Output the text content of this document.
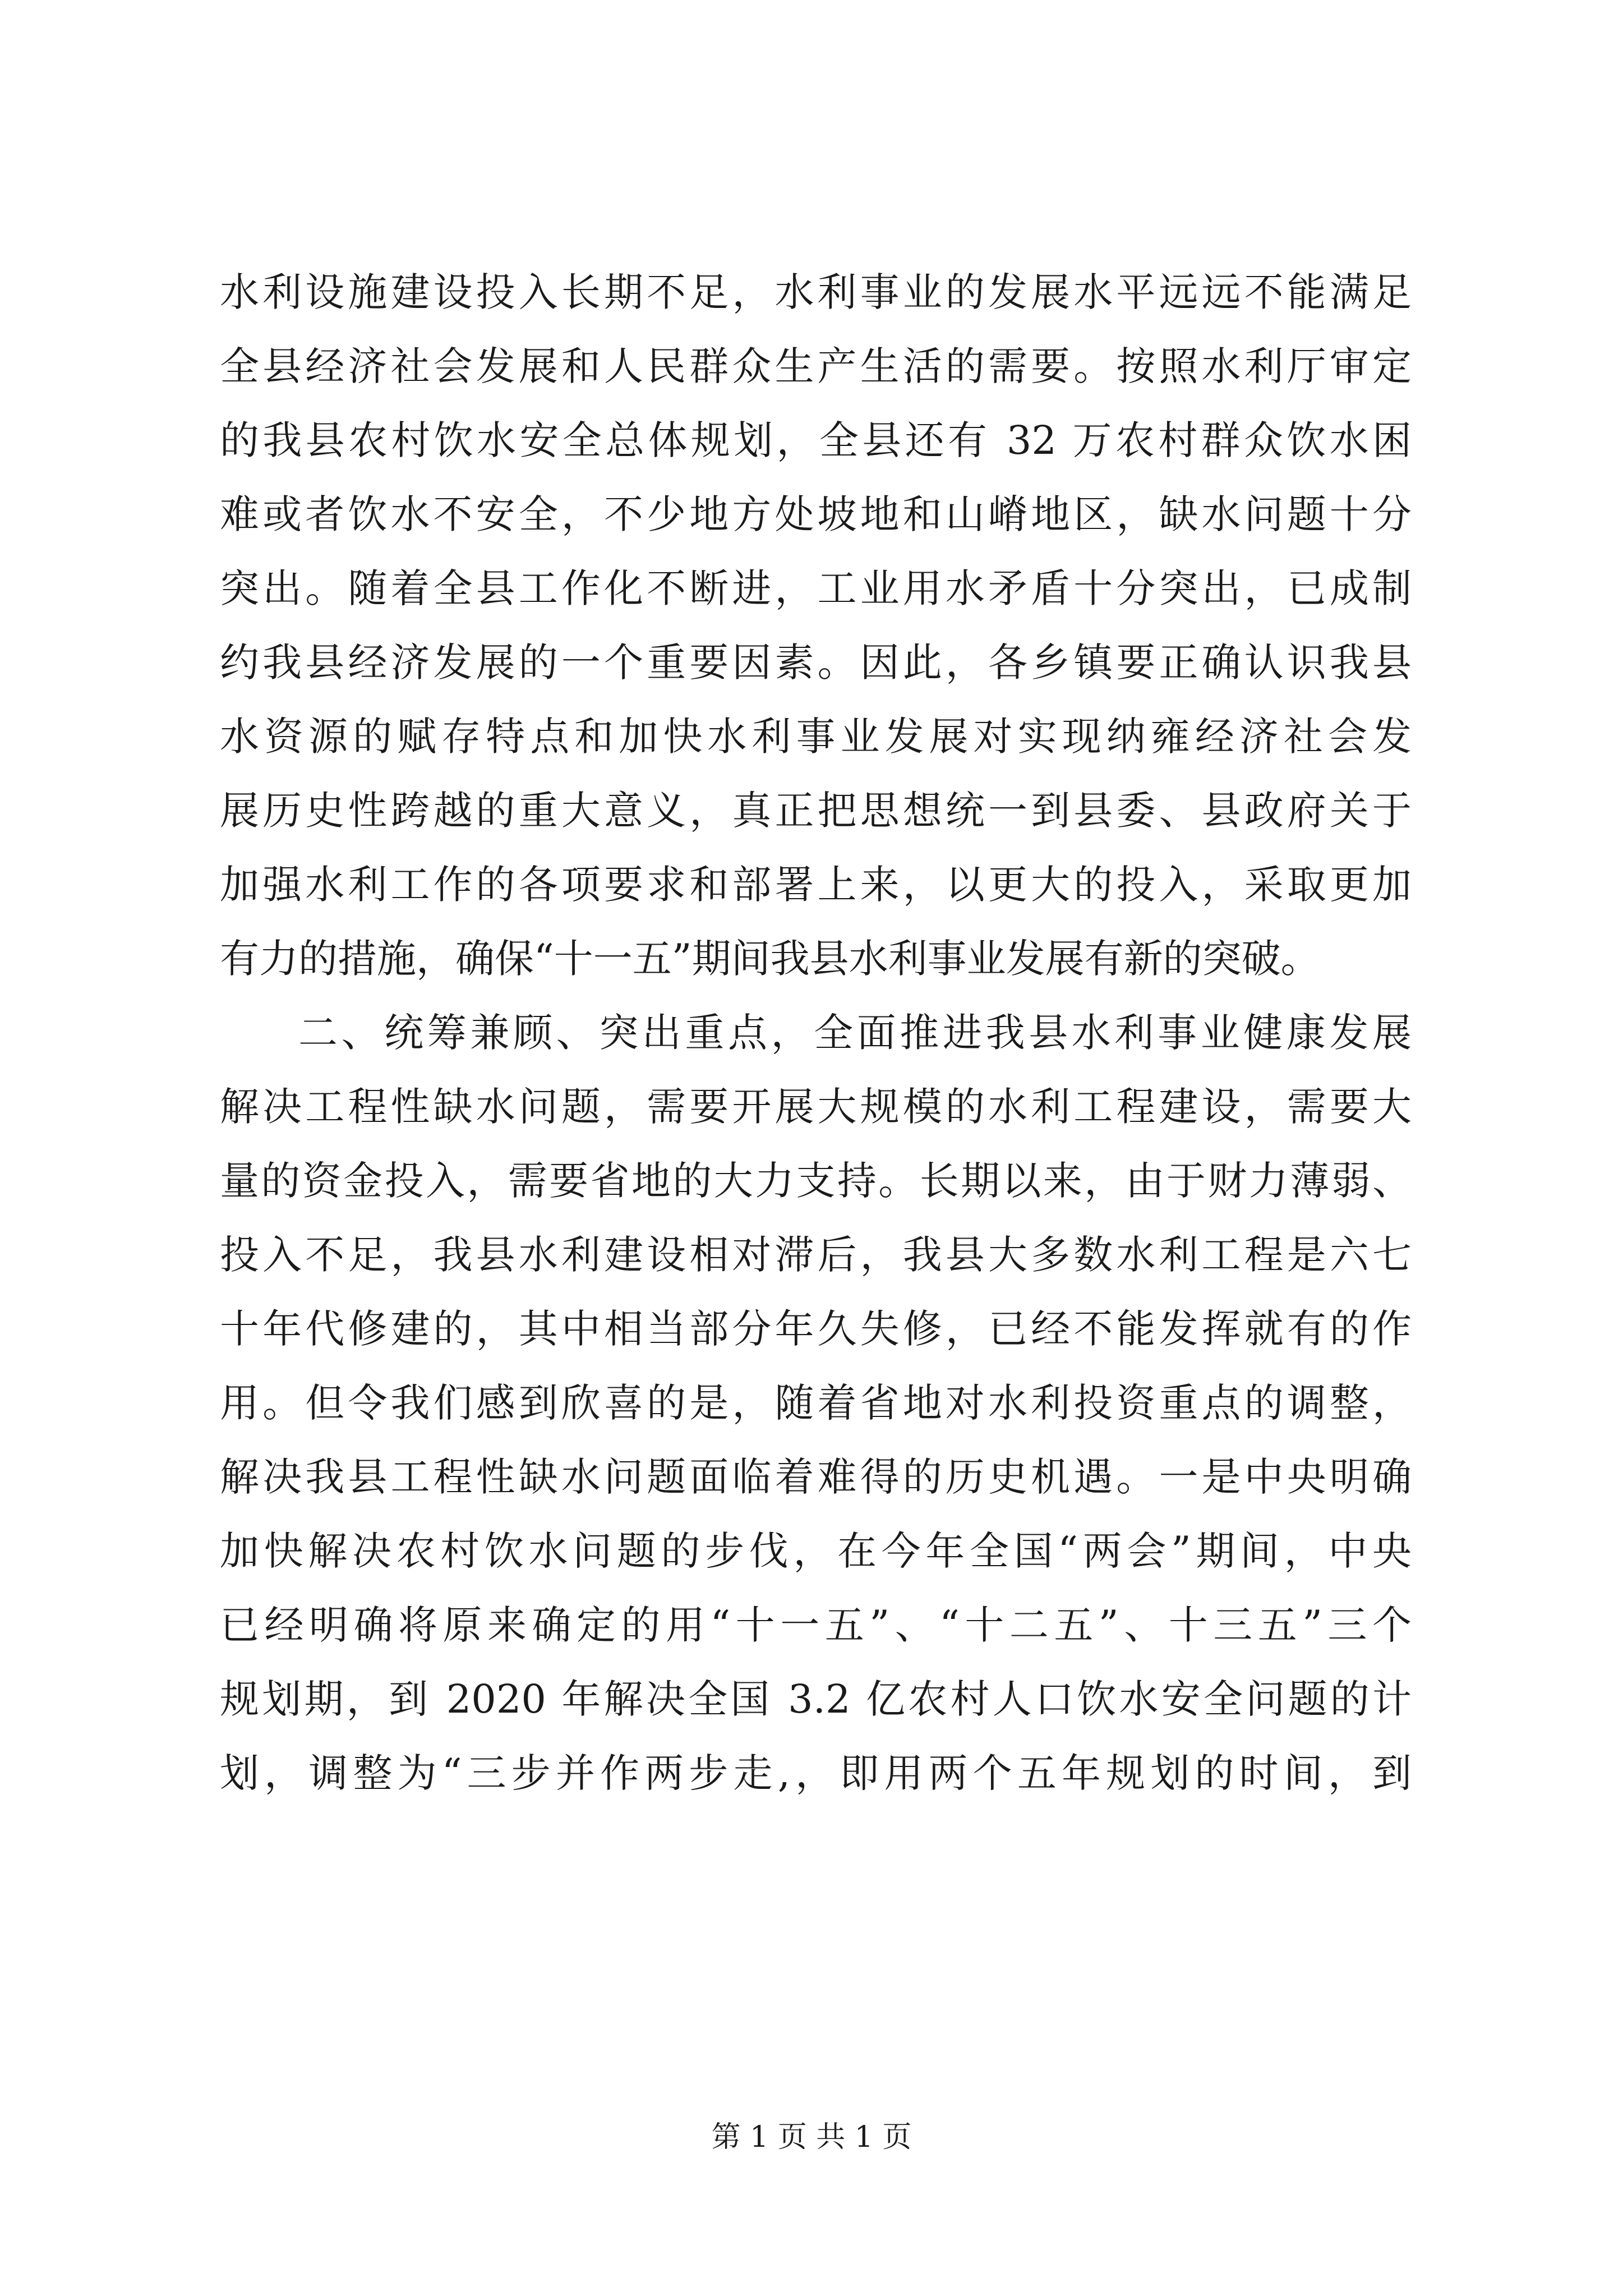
水利设施建设投入长期不足，水利事业的发展水平远远不能满足
全县经济社会发展和人民群众生产生活的需要。按照水利厅审定
的我县农村饮水安全总体规划，全县还有 32 万农村群众饮水困
难或者饮水不安全，不少地方处坡地和山嵴地区，缺水问题十分
突出。随着全县工作化不断进，工业用水矛盾十分突出，已成制
约我县经济发展的一个重要因素。因此，各乡镇要正确认识我县
水资源的赋存特点和加快水利事业发展对实现纳雍经济社会发
展历史性跨越的重大意义，真正把思想统一到县委、县政府关于
加强水利工作的各项要求和部署上来，以更大的投入，采取更加
有力的措施，确保“十一五”期间我县水利事业发展有新的突破。
二、统筹兼顾、突出重点，全面推进我县水利事业健康发展
解决工程性缺水问题，需要开展大规模的水利工程建设，需要大
量的资金投入，需要省地的大力支持。长期以来，由于财力薄弱、
投入不足，我县水利建设相对滞后，我县大多数水利工程是六七
十年代修建的，其中相当部分年久失修，已经不能发挥就有的作
用。但令我们感到欣喜的是，随着省地对水利投资重点的调整，
解决我县工程性缺水问题面临着难得的历史机遇。一是中央明确
加快解决农村饮水问题的步伐，在今年全国“两会”期间，中央
已经明确将原来确定的用“十一五”、“十二五”、十三五”三个
规划期，到 2020 年解决全国 3.2 亿农村人口饮水安全问题的计
划，调整为“三步并作两步走,，即用两个五年规划的时间，到
第 1 页 共 1 页
